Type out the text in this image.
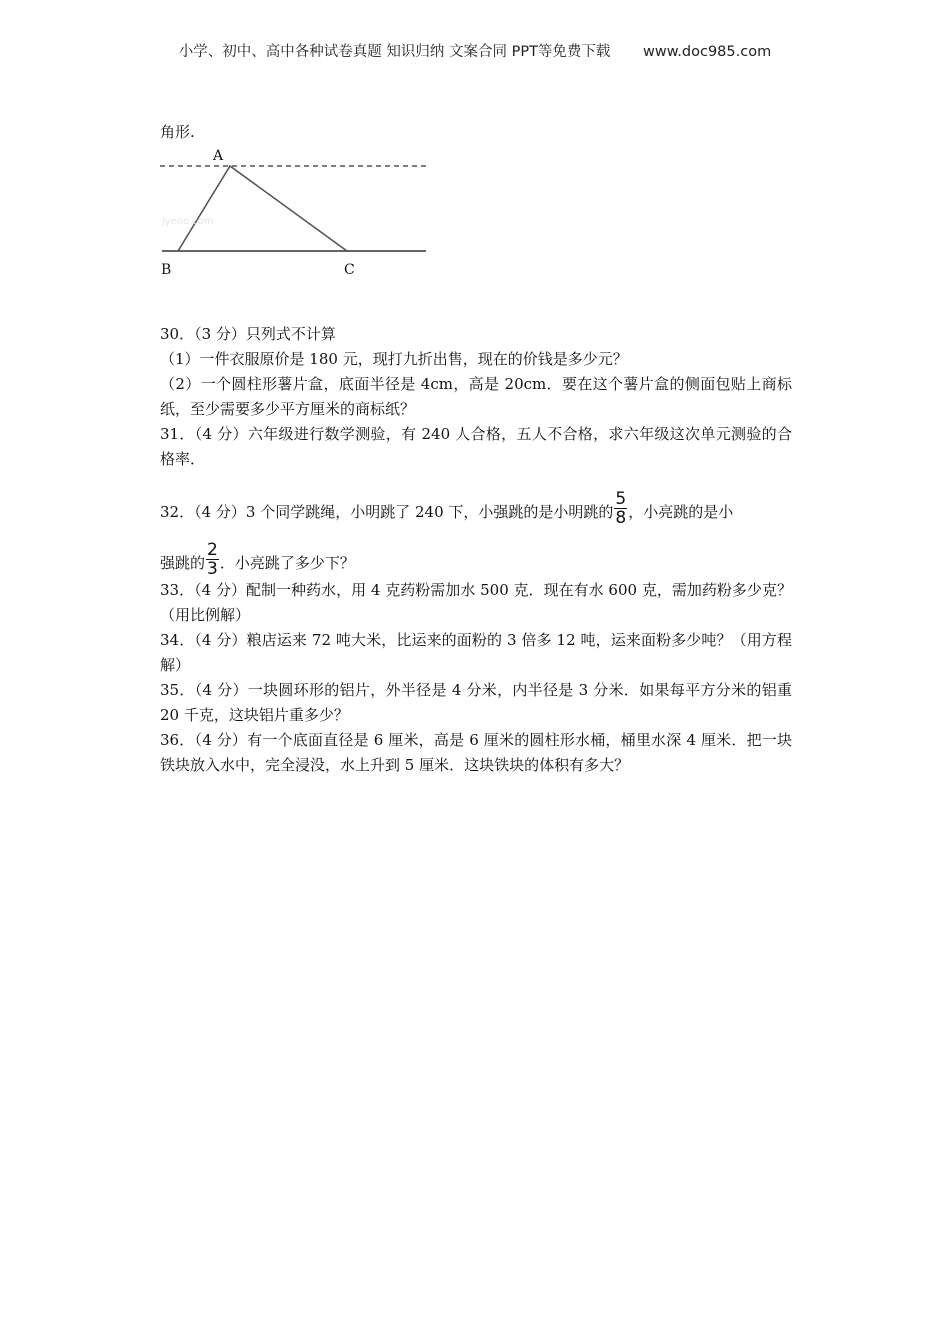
小学、初中、高中各种试卷真题 知识归纳 文案合同 PPT等免费下载 www.doc985.com

角形.

A
B	C
jyeoo.com

30．（3 分）只列式不计算

（1）一件衣服原价是 180 元，现打九折出售，现在的价钱是多少元？

（2）一个圆柱形薯片盒，底面半径是 4cm，高是 20cm．要在这个薯片盒的侧面包贴上商标纸，至少需要多少平方厘米的商标纸？

31．（4 分）六年级进行数学测验，有 240 人合格，五人不合格，求六年级这次单元测验的合格率．

32．（4 分）3 个同学跳绳，小明跳了 240 下，小强跳的是小明跳的 $\frac{5}{8}$ ，小亮跳的是小
强跳的 $\frac{2}{3}$ ．小亮跳了多少下？

33．（4 分）配制一种药水，用 4 克药粉需加水 500 克．现在有水 600 克，需加药粉多少克？（用比例解）

34．（4 分）粮店运来 72 吨大米，比运来的面粉的 3 倍多 12 吨，运来面粉多少吨？（用方程解）

35．（4 分）一块圆环形的铝片，外半径是 4 分米，内半径是 3 分米．如果每平方分米的铝重 20 千克，这块铝片重多少？

36．（4 分）有一个底面直径是 6 厘米，高是 6 厘米的圆柱形水桶，桶里水深 4 厘米．把一块铁块放入水中，完全浸没，水上升到 5 厘米．这块铁块的体积有多大？
